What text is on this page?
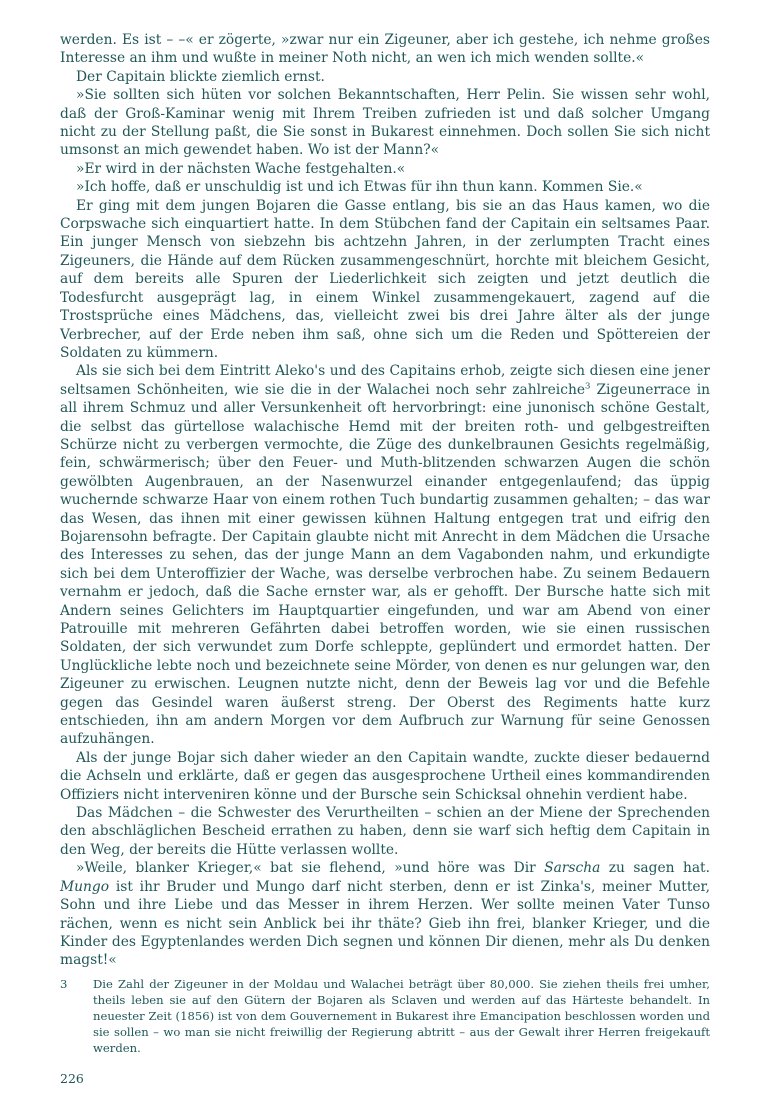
werden. Es ist – –« er zögerte, »zwar nur ein Zigeuner, aber ich gestehe, ich nehme großes Interesse an ihm und wußte in meiner Noth nicht, an wen ich mich wenden sollte.«

Der Capitain blickte ziemlich ernst.

»Sie sollten sich hüten vor solchen Bekanntschaften, Herr Pelin. Sie wissen sehr wohl, daß der Groß-Kaminar wenig mit Ihrem Treiben zufrieden ist und daß solcher Umgang nicht zu der Stellung paßt, die Sie sonst in Bukarest einnehmen. Doch sollen Sie sich nicht umsonst an mich gewendet haben. Wo ist der Mann?«

»Er wird in der nächsten Wache festgehalten.«

»Ich hoffe, daß er unschuldig ist und ich Etwas für ihn thun kann. Kommen Sie.«

Er ging mit dem jungen Bojaren die Gasse entlang, bis sie an das Haus kamen, wo die Corpswache sich einquartiert hatte. In dem Stübchen fand der Capitain ein seltsames Paar. Ein junger Mensch von siebzehn bis achtzehn Jahren, in der zerlumpten Tracht eines Zigeuners, die Hände auf dem Rücken zusammengeschnürt, horchte mit bleichem Gesicht, auf dem bereits alle Spuren der Liederlichkeit sich zeigten und jetzt deutlich die Todesfurcht ausgeprägt lag, in einem Winkel zusammengekauert, zagend auf die Trostsprüche eines Mädchens, das, vielleicht zwei bis drei Jahre älter als der junge Verbrecher, auf der Erde neben ihm saß, ohne sich um die Reden und Spöttereien der Soldaten zu kümmern.

Als sie sich bei dem Eintritt Aleko's und des Capitains erhob, zeigte sich diesen eine jener seltsamen Schönheiten, wie sie die in der Walachei noch sehr zahlreiche$^3$ Zigeunerrace in all ihrem Schmuz und aller Versunkenheit oft hervorbringt: eine junonisch schöne Gestalt, die selbst das gürtellose walachische Hemd mit der breiten roth- und gelbgestreiften Schürze nicht zu verbergen vermochte, die Züge des dunkelbraunen Gesichts regelmäßig, fein, schwärmerisch; über den Feuer- und Muth-blitzenden schwarzen Augen die schön gewölbten Augenbrauen, an der Nasenwurzel einander entgegenlaufend; das üppig wuchernde schwarze Haar von einem rothen Tuch bundartig zusammen gehalten; – das war das Wesen, das ihnen mit einer gewissen kühnen Haltung entgegen trat und eifrig den Bojarensohn befragte. Der Capitain glaubte nicht mit Anrecht in dem Mädchen die Ursache des Interesses zu sehen, das der junge Mann an dem Vagabonden nahm, und erkundigte sich bei dem Unteroffizier der Wache, was derselbe verbrochen habe. Zu seinem Bedauern vernahm er jedoch, daß die Sache ernster war, als er gehofft. Der Bursche hatte sich mit Andern seines Gelichters im Hauptquartier eingefunden, und war am Abend von einer Patrouille mit mehreren Gefährten dabei betroffen worden, wie sie einen russischen Soldaten, der sich verwundet zum Dorfe schleppte, geplündert und ermordet hatten. Der Unglückliche lebte noch und bezeichnete seine Mörder, von denen es nur gelungen war, den Zigeuner zu erwischen. Leugnen nutzte nicht, denn der Beweis lag vor und die Befehle gegen das Gesindel waren äußerst streng. Der Oberst des Regiments hatte kurz entschieden, ihn am andern Morgen vor dem Aufbruch zur Warnung für seine Genossen aufzuhängen.

Als der junge Bojar sich daher wieder an den Capitain wandte, zuckte dieser bedauernd die Achseln und erklärte, daß er gegen das ausgesprochene Urtheil eines kommandirenden Offiziers nicht interveniren könne und der Bursche sein Schicksal ohnehin verdient habe.

Das Mädchen – die Schwester des Verurtheilten – schien an der Miene der Sprechenden den abschläglichen Bescheid errathen zu haben, denn sie warf sich heftig dem Capitain in den Weg, der bereits die Hütte verlassen wollte.

»Weile, blanker Krieger,« bat sie flehend, »und höre was Dir Sarscha zu sagen hat. Mungo ist ihr Bruder und Mungo darf nicht sterben, denn er ist Zinka's, meiner Mutter, Sohn und ihre Liebe und das Messer in ihrem Herzen. Wer sollte meinen Vater Tunso rächen, wenn es nicht sein Anblick bei ihr thäte? Gieb ihn frei, blanker Krieger, und die Kinder des Egyptenlandes werden Dich segnen und können Dir dienen, mehr als Du denken magst!«

3	Die Zahl der Zigeuner in der Moldau und Walachei beträgt über 80,000. Sie ziehen theils frei umher, theils leben sie auf den Gütern der Bojaren als Sclaven und werden auf das Härteste behandelt. In neuester Zeit (1856) ist von dem Gouvernement in Bukarest ihre Emancipation beschlossen worden und sie sollen – wo man sie nicht freiwillig der Regierung abtritt – aus der Gewalt ihrer Herren freigekauft werden.
226
